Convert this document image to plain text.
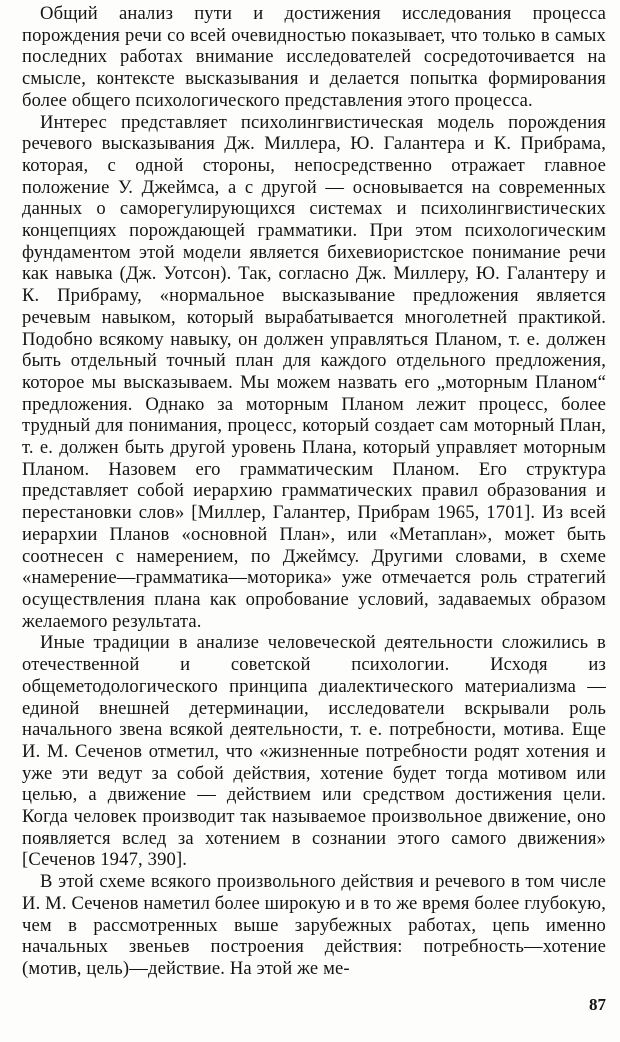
Общий анализ пути и достижения исследования процесса порождения речи со всей очевидностью показывает, что только в самых последних работах внимание исследователей сосредоточивается на смысле, контексте высказывания и делается попытка формирования более общего психологического представления этого процесса.

Интерес представляет психолингвистическая модель порождения речевого высказывания Дж. Миллера, Ю. Галантера и К. Прибрама, которая, с одной стороны, непосредственно отражает главное положение У. Джеймса, а с другой — основывается на современных данных о саморегулирующихся системах и психолингвистических концепциях порождающей грамматики. При этом психологическим фундаментом этой модели является бихевиористское понимание речи как навыка (Дж. Уотсон). Так, согласно Дж. Миллеру, Ю. Галантеру и К. Прибраму, «нормальное высказывание предложения является речевым навыком, который вырабатывается многолетней практикой. Подобно всякому навыку, он должен управляться Планом, т. е. должен быть отдельный точный план для каждого отдельного предложения, которое мы высказываем. Мы можем назвать его „моторным Планом“ предложения. Однако за моторным Планом лежит процесс, более трудный для понимания, процесс, который создает сам моторный План, т. е. должен быть другой уровень Плана, который управляет моторным Планом. Назовем его грамматическим Планом. Его структура представляет собой иерархию грамматических правил образования и перестановки слов» [Миллер, Галантер, Прибрам 1965, 1701]. Из всей иерархии Планов «основной План», или «Метаплан», может быть соотнесен с намерением, по Джеймсу. Другими словами, в схеме «намерение—грамматика—моторика» уже отмечается роль стратегий осуществления плана как опробование условий, задаваемых образом желаемого результата.

Иные традиции в анализе человеческой деятельности сложились в отечественной и советской психологии. Исходя из общеметодологического принципа диалектического материализма — единой внешней детерминации, исследователи вскрывали роль начального звена всякой деятельности, т. е. потребности, мотива. Еще И. М. Сеченов отметил, что «жизненные потребности родят хотения и уже эти ведут за собой действия, хотение будет тогда мотивом или целью, а движение — действием или средством достижения цели. Когда человек производит так называемое произвольное движение, оно появляется вслед за хотением в сознании этого самого движения» [Сеченов 1947, 390].

В этой схеме всякого произвольного действия и речевого в том числе И. М. Сеченов наметил более широкую и в то же время более глубокую, чем в рассмотренных выше зарубежных работах, цепь именно начальных звеньев построения действия: потребность—хотение (мотив, цель)—действие. На этой же ме-

87
